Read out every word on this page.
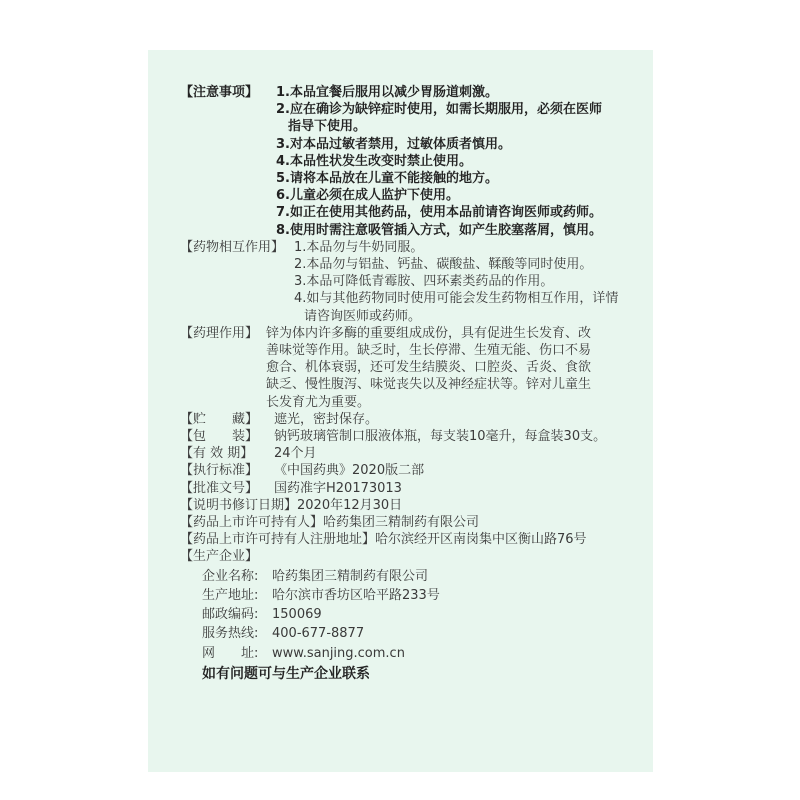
【注意事项】	1.本品宜餐后服用以减少胃肠道刺激。
2.应在确诊为缺锌症时使用，如需长期服用，必须在医师
指导下使用。
3.对本品过敏者禁用，过敏体质者慎用。
4.本品性状发生改变时禁止使用。
5.请将本品放在儿童不能接触的地方。
6.儿童必须在成人监护下使用。
7.如正在使用其他药品，使用本品前请咨询医师或药师。
8.使用时需注意吸管插入方式，如产生胶塞落屑，慎用。
【药物相互作用】 1.本品勿与牛奶同服。
2.本品勿与铝盐、钙盐、碳酸盐、鞣酸等同时使用。
3.本品可降低青霉胺、四环素类药品的作用。
4.如与其他药物同时使用可能会发生药物相互作用，详情
请咨询医师或药师。
【药理作用】 锌为体内许多酶的重要组成成份，具有促进生长发育、改
善味觉等作用。缺乏时，生长停滞、生殖无能、伤口不易
愈合、机体衰弱，还可发生结膜炎、口腔炎、舌炎、食欲
缺乏、慢性腹泻、味觉丧失以及神经症状等。锌对儿童生
长发育尤为重要。
【贮　　藏】	遮光，密封保存。
【包　　装】	钠钙玻璃管制口服液体瓶，每支装10毫升，每盒装30支。
【有 效 期】	24个月
【执行标准】	《中国药典》2020版二部
【批准文号】	国药准字H20173013
【说明书修订日期】 2020年12月30日
【药品上市许可持有人】 哈药集团三精制药有限公司
【药品上市许可持有人注册地址】 哈尔滨经开区南岗集中区衡山路76号
【生产企业】
企业名称:	哈药集团三精制药有限公司
生产地址:	哈尔滨市香坊区哈平路233号
邮政编码:	150069
服务热线:	400-677-8877
网　　址:	www.sanjing.com.cn
如有问题可与生产企业联系
